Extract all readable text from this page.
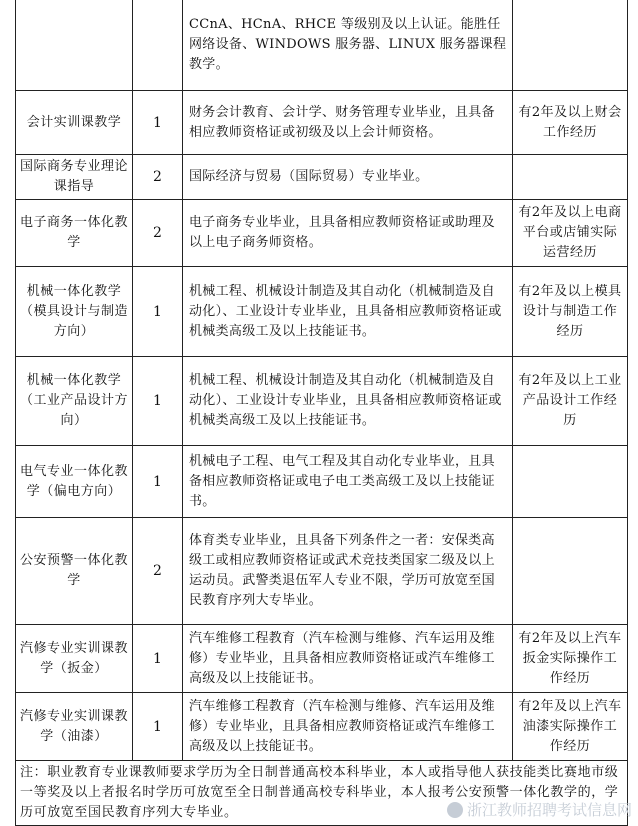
		CCnA、HCnA、RHCE 等级别及以上认证。能胜任网络设备、WINDOWS 服务器、LINUX 服务器课程教学。	
会计实训课教学	1	财务会计教育、会计学、财务管理专业毕业，且具备相应教师资格证或初级及以上会计师资格。	有2年及以上财会工作经历
国际商务专业理论课指导	2	国际经济与贸易（国际贸易）专业毕业。	
电子商务一体化教学	2	电子商务专业毕业，且具备相应教师资格证或助理及以上电子商务师资格。	有2年及以上电商平台或店铺实际运营经历
机械一体化教学（模具设计与制造方向）	1	机械工程、机械设计制造及其自动化（机械制造及自动化）、工业设计专业毕业，且具备相应教师资格证或机械类高级工及以上技能证书。	有2年及以上模具设计与制造工作经历
机械一体化教学（工业产品设计方向）	1	机械工程、机械设计制造及其自动化（机械制造及自动化）、工业设计专业毕业，且具备相应教师资格证或机械类高级工及以上技能证书。	有2年及以上工业产品设计工作经历
电气专业一体化教学（偏电方向）	1	机械电子工程、电气工程及其自动化专业毕业，且具备相应教师资格证或电子电工类高级工及以上技能证书。	
公安预警一体化教学	2	体育类专业毕业，且具备下列条件之一者：安保类高级工或相应教师资格证或武术竞技类国家二级及以上运动员。武警类退伍军人专业不限，学历可放宽至国民教育序列大专毕业。	
汽修专业实训课教学（扳金）	1	汽车维修工程教育（汽车检测与维修、汽车运用及维修）专业毕业，且具备相应教师资格证或汽车维修工高级及以上技能证书。	有2年及以上汽车扳金实际操作工作经历
汽修专业实训课教学（油漆）	1	汽车维修工程教育（汽车检测与维修、汽车运用及维修）专业毕业，且具备相应教师资格证或汽车维修工高级及以上技能证书。	有2年及以上汽车油漆实际操作工作经历
注：职业教育专业课教师要求学历为全日制普通高校本科毕业，本人或指导他人获技能类比赛地市级一等奖及以上者报名时学历可放宽至全日制普通高校专科毕业，本人报考公安预警一体化教学的，学历可放宽至国民教育序列大专毕业。				浙江教师招聘考试信息网
